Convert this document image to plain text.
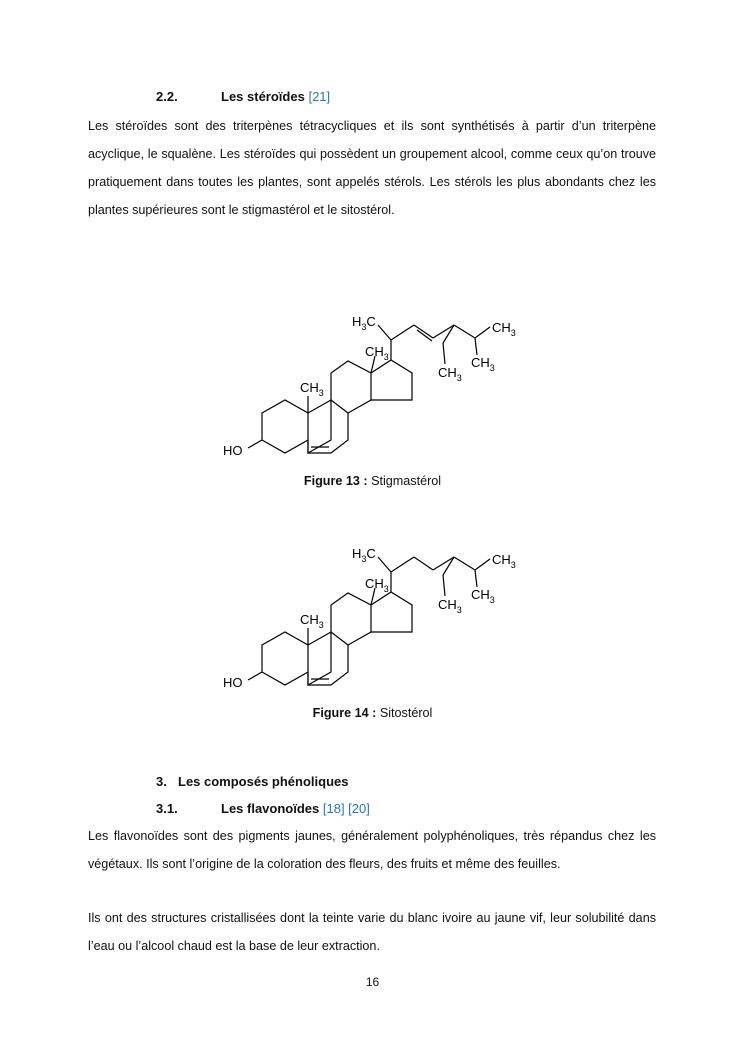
2.2.	Les stéroïdes [21]

Les stéroïdes sont des triterpènes tétracycliques et ils sont synthétisés à partir d’un triterpène acyclique, le squalène. Les stéroïdes qui possèdent un groupement alcool, comme ceux qu’on trouve pratiquement dans toutes les plantes, sont appelés stérols. Les stérols les plus abondants chez les plantes supérieures sont le stigmastérol et le sitostérol.

$H_3C$
$CH_3$
$CH_3$
$CH_3$
$CH_3$
$CH_3$
HO
Figure 13 : Stigmastérol
$H_3C$
$CH_3$
$CH_3$
$CH_3$
$CH_3$
$CH_3$
HO
Figure 14 : Sitostérol
3. Les composés phénoliques
3.1.	Les flavonoïdes [18] [20]

Les flavonoïdes sont des pigments jaunes, généralement polyphénoliques, très répandus chez les végétaux. Ils sont l’origine de la coloration des fleurs, des fruits et même des feuilles.

Ils ont des structures cristallisées dont la teinte varie du blanc ivoire au jaune vif, leur solubilité dans l’eau ou l’alcool chaud est la base de leur extraction.

16
